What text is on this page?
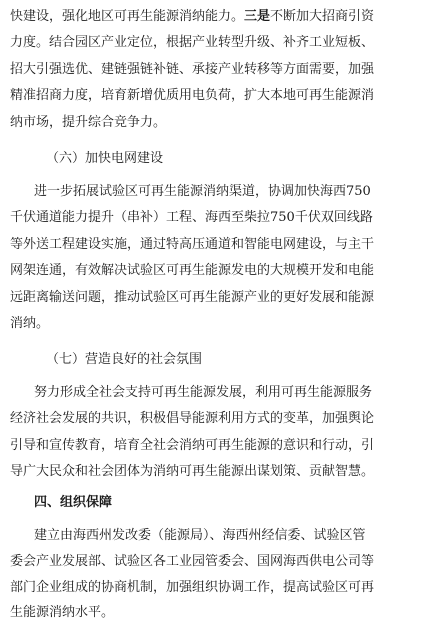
快建设，强化地区可再生能源消纳能力。三是不断加大招商引资
力度。结合园区产业定位，根据产业转型升级、补齐工业短板、
招大引强选优、建链强链补链、承接产业转移等方面需要，加强
精准招商力度，培育新增优质用电负荷，扩大本地可再生能源消
纳市场，提升综合竞争力。
（六）加快电网建设
进一步拓展试验区可再生能源消纳渠道，协调加快海西750
千伏通道能力提升（串补）工程、海西至柴拉750千伏双回线路
等外送工程建设实施，通过特高压通道和智能电网建设，与主干
网架连通，有效解决试验区可再生能源发电的大规模开发和电能
远距离输送问题，推动试验区可再生能源产业的更好发展和能源
消纳。
（七）营造良好的社会氛围
努力形成全社会支持可再生能源发展，利用可再生能源服务
经济社会发展的共识，积极倡导能源利用方式的变革，加强舆论
引导和宣传教育，培育全社会消纳可再生能源的意识和行动，引
导广大民众和社会团体为消纳可再生能源出谋划策、贡献智慧。
四、组织保障
建立由海西州发改委（能源局）、海西州经信委、试验区管
委会产业发展部、试验区各工业园管委会、国网海西供电公司等
部门企业组成的协商机制，加强组织协调工作，提高试验区可再
生能源消纳水平。
